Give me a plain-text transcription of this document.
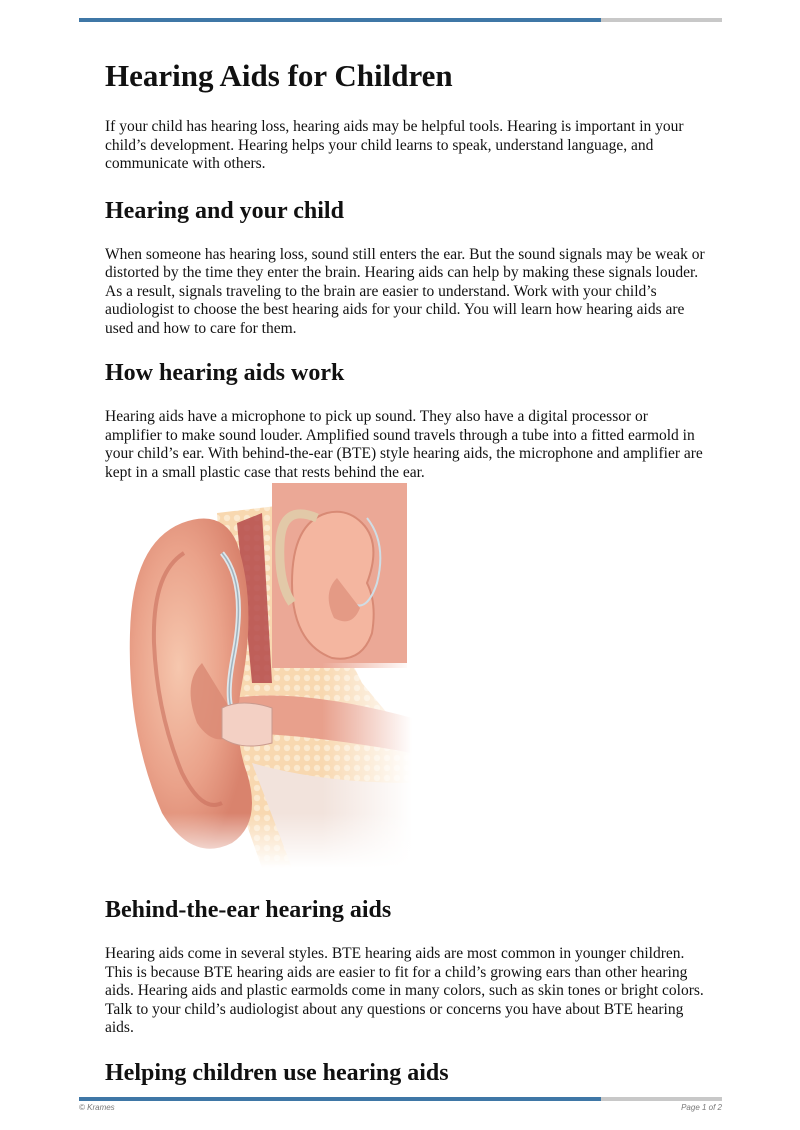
Hearing Aids for Children

If your child has hearing loss, hearing aids may be helpful tools. Hearing is important in your child’s development. Hearing helps your child learns to speak, understand language, and communicate with others.

Hearing and your child

When someone has hearing loss, sound still enters the ear. But the sound signals may be weak or distorted by the time they enter the brain. Hearing aids can help by making these signals louder. As a result, signals traveling to the brain are easier to understand. Work with your child’s audiologist to choose the best hearing aids for your child. You will learn how hearing aids are used and how to care for them.

How hearing aids work

Hearing aids have a microphone to pick up sound. They also have a digital processor or amplifier to make sound louder. Amplified sound travels through a tube into a fitted earmold in your child’s ear. With behind-the-ear (BTE) style hearing aids, the microphone and amplifier are kept in a small plastic case that rests behind the ear.

Behind-the-ear hearing aids

Hearing aids come in several styles. BTE hearing aids are most common in younger children. This is because BTE hearing aids are easier to fit for a child’s growing ears than other hearing aids. Hearing aids and plastic earmolds come in many colors, such as skin tones or bright colors. Talk to your child’s audiologist about any questions or concerns you have about BTE hearing aids.

Helping children use hearing aids
© Krames	Page 1 of 2
